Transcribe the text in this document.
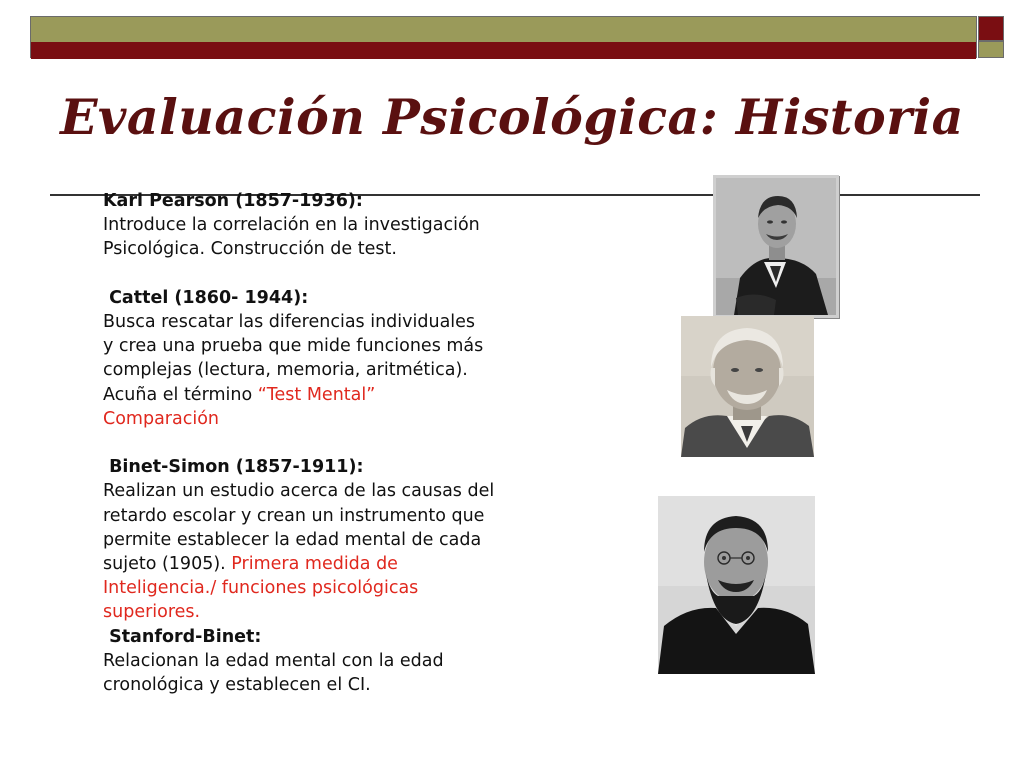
Evaluación Psicológica: Historia
Karl Pearson (1857-1936):
Introduce la correlación en la investigación
Psicológica. Construcción de test.
Cattel (1860- 1944):
Busca rescatar las diferencias individuales
y crea una prueba que mide funciones más
complejas (lectura, memoria, aritmética).
Acuña el término “Test Mental”
Comparación
Binet-Simon (1857-1911):
Realizan un estudio acerca de las causas del
retardo escolar y crean un instrumento que
permite establecer la edad mental de cada
sujeto (1905). Primera medida de
Inteligencia./ funciones psicológicas
superiores.
Stanford-Binet:
Relacionan la edad mental con la edad
cronológica y establecen el CI.
